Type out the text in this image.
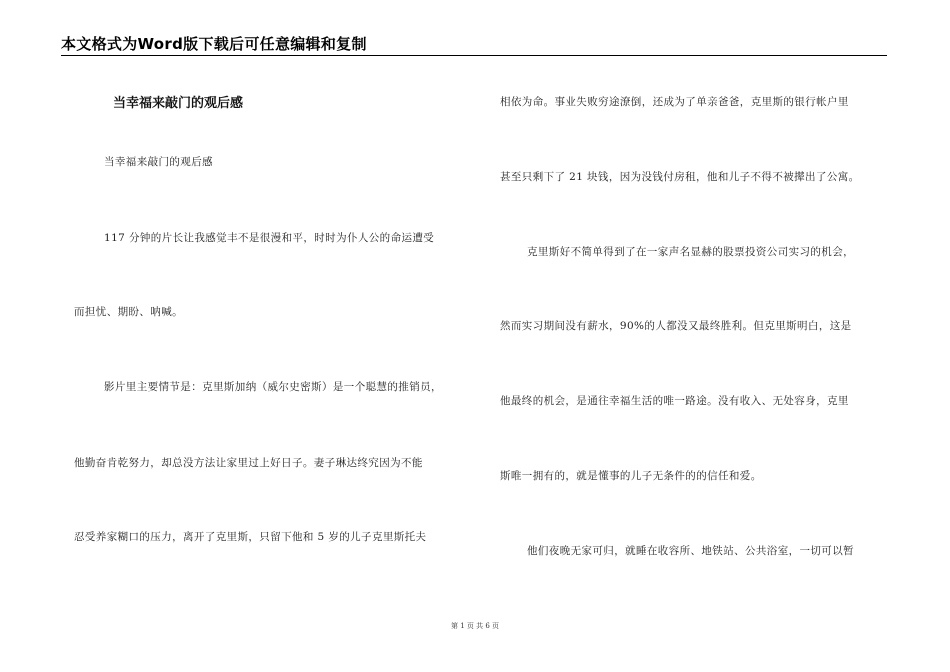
本文格式为Word版下载后可任意编辑和复制
当幸福来敲门的观后感
当幸福来敲门的观后感
117 分钟的片长让我感觉丰不是很漫和平，时时为仆人公的命运遭受
而担忧、期盼、呐喊。
影片里主要情节是：克里斯加纳（威尔史密斯）是一个聪慧的推销员，
他勤奋肯乾努力，却总没方法让家里过上好日子。妻子琳达终究因为不能
忍受养家糊口的压力，离开了克里斯，只留下他和 5 岁的儿子克里斯托夫
相依为命。事业失败穷途潦倒，还成为了单亲爸爸，克里斯的银行帐户里
甚至只剩下了 21 块钱，因为没钱付房租，他和儿子不得不被撵出了公寓。
克里斯好不简单得到了在一家声名显赫的股票投资公司实习的机会，
然而实习期间没有薪水，90%的人都没又最终胜利。但克里斯明白，这是
他最终的机会，是通往幸福生活的唯一路途。没有收入、无处容身，克里
斯唯一拥有的，就是懂事的儿子无条件的的信任和爱。
他们夜晚无家可归，就睡在收容所、地铁站、公共浴室，一切可以暂
第 1 页 共 6 页
